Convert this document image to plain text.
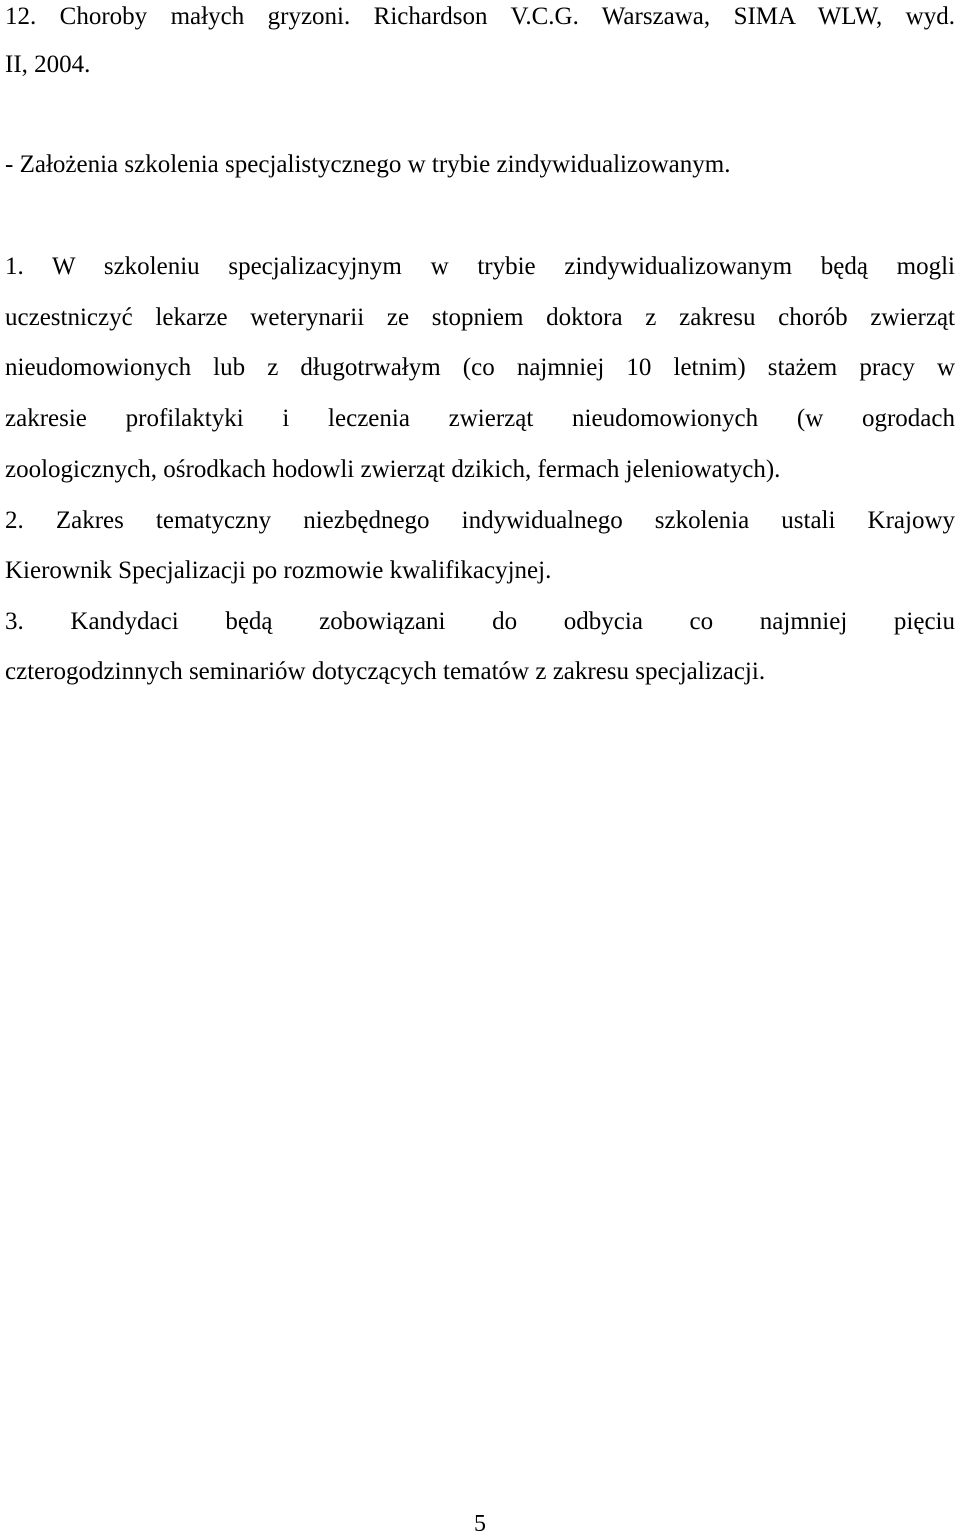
12. Choroby małych gryzoni. Richardson V.C.G. Warszawa, SIMA WLW, wyd.

II, 2004.

- Założenia szkolenia specjalistycznego w trybie zindywidualizowanym.

1. W szkoleniu specjalizacyjnym w trybie zindywidualizowanym będą mogli

uczestniczyć lekarze weterynarii ze stopniem doktora z zakresu chorób zwierząt

nieudomowionych lub z długotrwałym (co najmniej 10 letnim) stażem pracy w

zakresie profilaktyki i leczenia zwierząt nieudomowionych (w ogrodach

zoologicznych, ośrodkach hodowli zwierząt dzikich, fermach jeleniowatych).

2. Zakres tematyczny niezbędnego indywidualnego szkolenia ustali Krajowy

Kierownik Specjalizacji po rozmowie kwalifikacyjnej.

3. Kandydaci będą zobowiązani do odbycia co najmniej pięciu

czterogodzinnych seminariów dotyczących tematów z zakresu specjalizacji.

5
